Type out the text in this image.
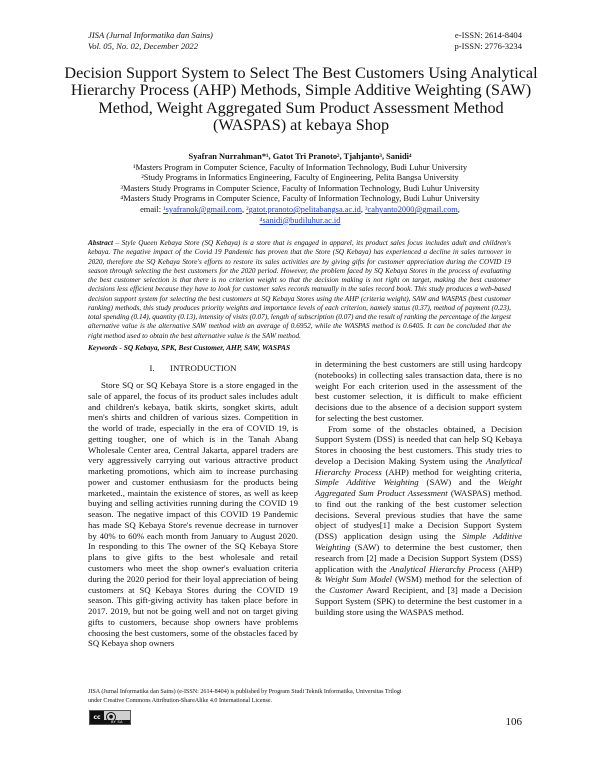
JISA (Jurnal Informatika dan Sains)
Vol. 05, No. 02, December 2022
e-ISSN: 2614-8404
p-ISSN: 2776-3234
Decision Support System to Select The Best Customers Using Analytical Hierarchy Process (AHP) Methods, Simple Additive Weighting (SAW) Method, Weight Aggregated Sum Product Assessment Method (WASPAS) at kebaya Shop
Syafran Nurrahman*¹, Gatot Tri Pranoto², Tjahjanto³, Sanidi⁴
¹Masters Program in Computer Science, Faculty of Information Technology, Budi Luhur University
²Study Programs in Informatics Engineering, Faculty of Engineering, Pelita Bangsa University
³Masters Study Programs in Computer Science, Faculty of Information Technology, Budi Luhur University
⁴Masters Study Programs in Computer Science, Faculty of Information Technology, Budi Luhur University
email: ¹syafranok@gmail.com, ²gatot.pranoto@pelitabangsa.ac.id, ³cahyanto2000@gmail.com,
⁴sanidi@budiluhur.ac.id
Abstract – Style Queen Kebaya Store (SQ Kebaya) is a store that is engaged in apparel, its product sales focus includes adult and children's kebaya. The negative impact of the Covid 19 Pandemic has proven that the Store (SQ Kebaya) has experienced a decline in sales turnover in 2020, therefore the SQ Kebaya Store's efforts to restore its sales activities are by giving gifts for customer appreciation during the COVID 19 season through selecting the best customers for the 2020 period. However, the problem faced by SQ Kebaya Stores in the process of evaluating the best customer selection is that there is no criterion weight so that the decision making is not right on target, making the best customer decisions less efficient because they have to look for customer sales records manually in the sales record book. This study produces a web-based decision support system for selecting the best customers at SQ Kebaya Stores using the AHP (criteria weight), SAW and WASPAS (best customer ranking) methods, this study produces priority weights and importance levels of each criterion, namely status (0.37), method of payment (0.23), total spending (0.14), quantity (0.13), intensity of visits (0.07), length of subscription (0.07) and the result of ranking the percentage of the largest alternative value is the alternative SAW method with an average of 0.6952, while the WASPAS method is 0.6405. It can be concluded that the right method used to obtain the best alternative value is the SAW method.
Keywords - SQ Kebaya, SPK, Best Customer, AHP, SAW, WASPAS
I. INTRODUCTION

Store SQ or SQ Kebaya Store is a store engaged in the sale of apparel, the focus of its product sales includes adult and children's kebaya, batik skirts, songket skirts, adult men's shirts and children of various sizes. Competition in the world of trade, especially in the era of COVID 19, is getting tougher, one of which is in the Tanah Abang Wholesale Center area, Central Jakarta, apparel traders are very aggressively carrying out various attractive product marketing promotions, which aim to increase purchasing power and customer enthusiasm for the products being marketed., maintain the existence of stores, as well as keep buying and selling activities running during the COVID 19 season. The negative impact of this COVID 19 Pandemic has made SQ Kebaya Store's revenue decrease in turnover by 40% to 60% each month from January to August 2020. In responding to this The owner of the SQ Kebaya Store plans to give gifts to the best wholesale and retail customers who meet the shop owner's evaluation criteria during the 2020 period for their loyal appreciation of being customers at SQ Kebaya Stores during the COVID 19 season. This gift-giving activity has taken place before in 2017. 2019, but not be going well and not on target giving gifts to customers, because shop owners have problems choosing the best customers, some of the obstacles faced by SQ Kebaya shop owners

in determining the best customers are still using hardcopy (notebooks) in collecting sales transaction data, there is no weight For each criterion used in the assessment of the best customer selection, it is difficult to make efficient decisions due to the absence of a decision support system for selecting the best customer.

From some of the obstacles obtained, a Decision Support System (DSS) is needed that can help SQ Kebaya Stores in choosing the best customers. This study tries to develop a Decision Making System using the Analytical Hierarchy Process (AHP) method for weighting criteria, Simple Additive Weighting (SAW) and the Weight Aggregated Sum Product Assessment (WASPAS) method. to find out the ranking of the best customer selection decisions. Several previous studies that have the same object of studyes[1] make a Decision Support System (DSS) application design using the Simple Additive Weighting (SAW) to determine the best customer, then research from [2] made a Decision Support System (DSS) application with the Analytical Hierarchy Process (AHP) & Weight Sum Model (WSM) method for the selection of the Customer Award Recipient, and [3] made a Decision Support System (SPK) to determine the best customer in a building store using the WASPAS method.

JISA (Jurnal Informatika dan Sains) (e-ISSN: 2614-8404) is published by Program Studi Teknik Informatika, Universitas Trilogi
under Creative Commons Attribution-ShareAlike 4.0 International License.
cc	●
BY SA	106
